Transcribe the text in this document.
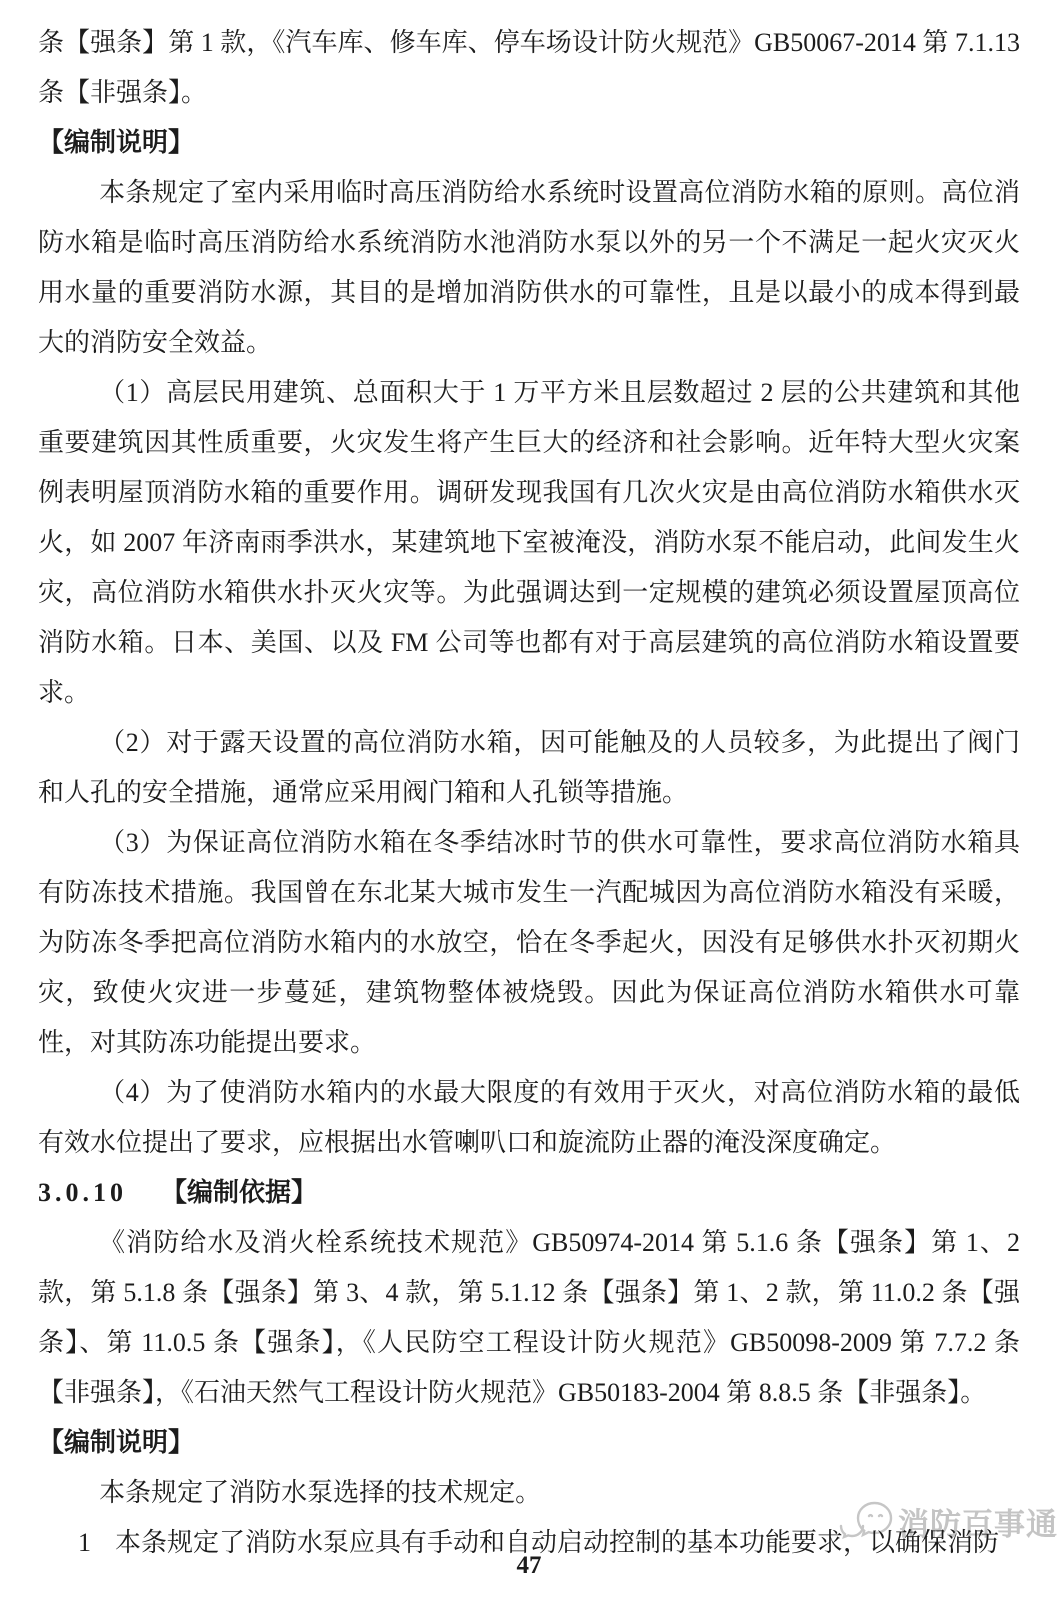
消防百事通
条【强条】第 1 款，《汽车库、修车库、停车场设计防火规范》GB50067-2014 第 7.1.13 条【非强条】。
【编制说明】
本条规定了室内采用临时高压消防给水系统时设置高位消防水箱的原则。高位消防水箱是临时高压消防给水系统消防水池消防水泵以外的另一个不满足一起火灾灭火用水量的重要消防水源，其目的是增加消防供水的可靠性，且是以最小的成本得到最大的消防安全效益。
（1）高层民用建筑、总面积大于 1 万平方米且层数超过 2 层的公共建筑和其他重要建筑因其性质重要，火灾发生将产生巨大的经济和社会影响。近年特大型火灾案例表明屋顶消防水箱的重要作用。调研发现我国有几次火灾是由高位消防水箱供水灭火，如 2007 年济南雨季洪水，某建筑地下室被淹没，消防水泵不能启动，此间发生火灾，高位消防水箱供水扑灭火灾等。为此强调达到一定规模的建筑必须设置屋顶高位消防水箱。日本、美国、以及 FM 公司等也都有对于高层建筑的高位消防水箱设置要求。
（2）对于露天设置的高位消防水箱，因可能触及的人员较多，为此提出了阀门和人孔的安全措施，通常应采用阀门箱和人孔锁等措施。
（3）为保证高位消防水箱在冬季结冰时节的供水可靠性，要求高位消防水箱具有防冻技术措施。我国曾在东北某大城市发生一汽配城因为高位消防水箱没有采暖，为防冻冬季把高位消防水箱内的水放空，恰在冬季起火，因没有足够供水扑灭初期火灾，致使火灾进一步蔓延，建筑物整体被烧毁。因此为保证高位消防水箱供水可靠性，对其防冻功能提出要求。
（4）为了使消防水箱内的水最大限度的有效用于灭火，对高位消防水箱的最低有效水位提出了要求，应根据出水管喇叭口和旋流防止器的淹没深度确定。
3.0.10 【编制依据】
《消防给水及消火栓系统技术规范》GB50974-2014 第 5.1.6 条【强条】第 1、2 款，第 5.1.8 条【强条】第 3、4 款，第 5.1.12 条【强条】第 1、2 款，第 11.0.2 条【强条】、第 11.0.5 条【强条】，《人民防空工程设计防火规范》GB50098-2009 第 7.7.2 条【非强条】，《石油天然气工程设计防火规范》GB50183-2004 第 8.8.5 条【非强条】。
【编制说明】
本条规定了消防水泵选择的技术规定。
1 本条规定了消防水泵应具有手动和自动启动控制的基本功能要求，以确保消防
47
